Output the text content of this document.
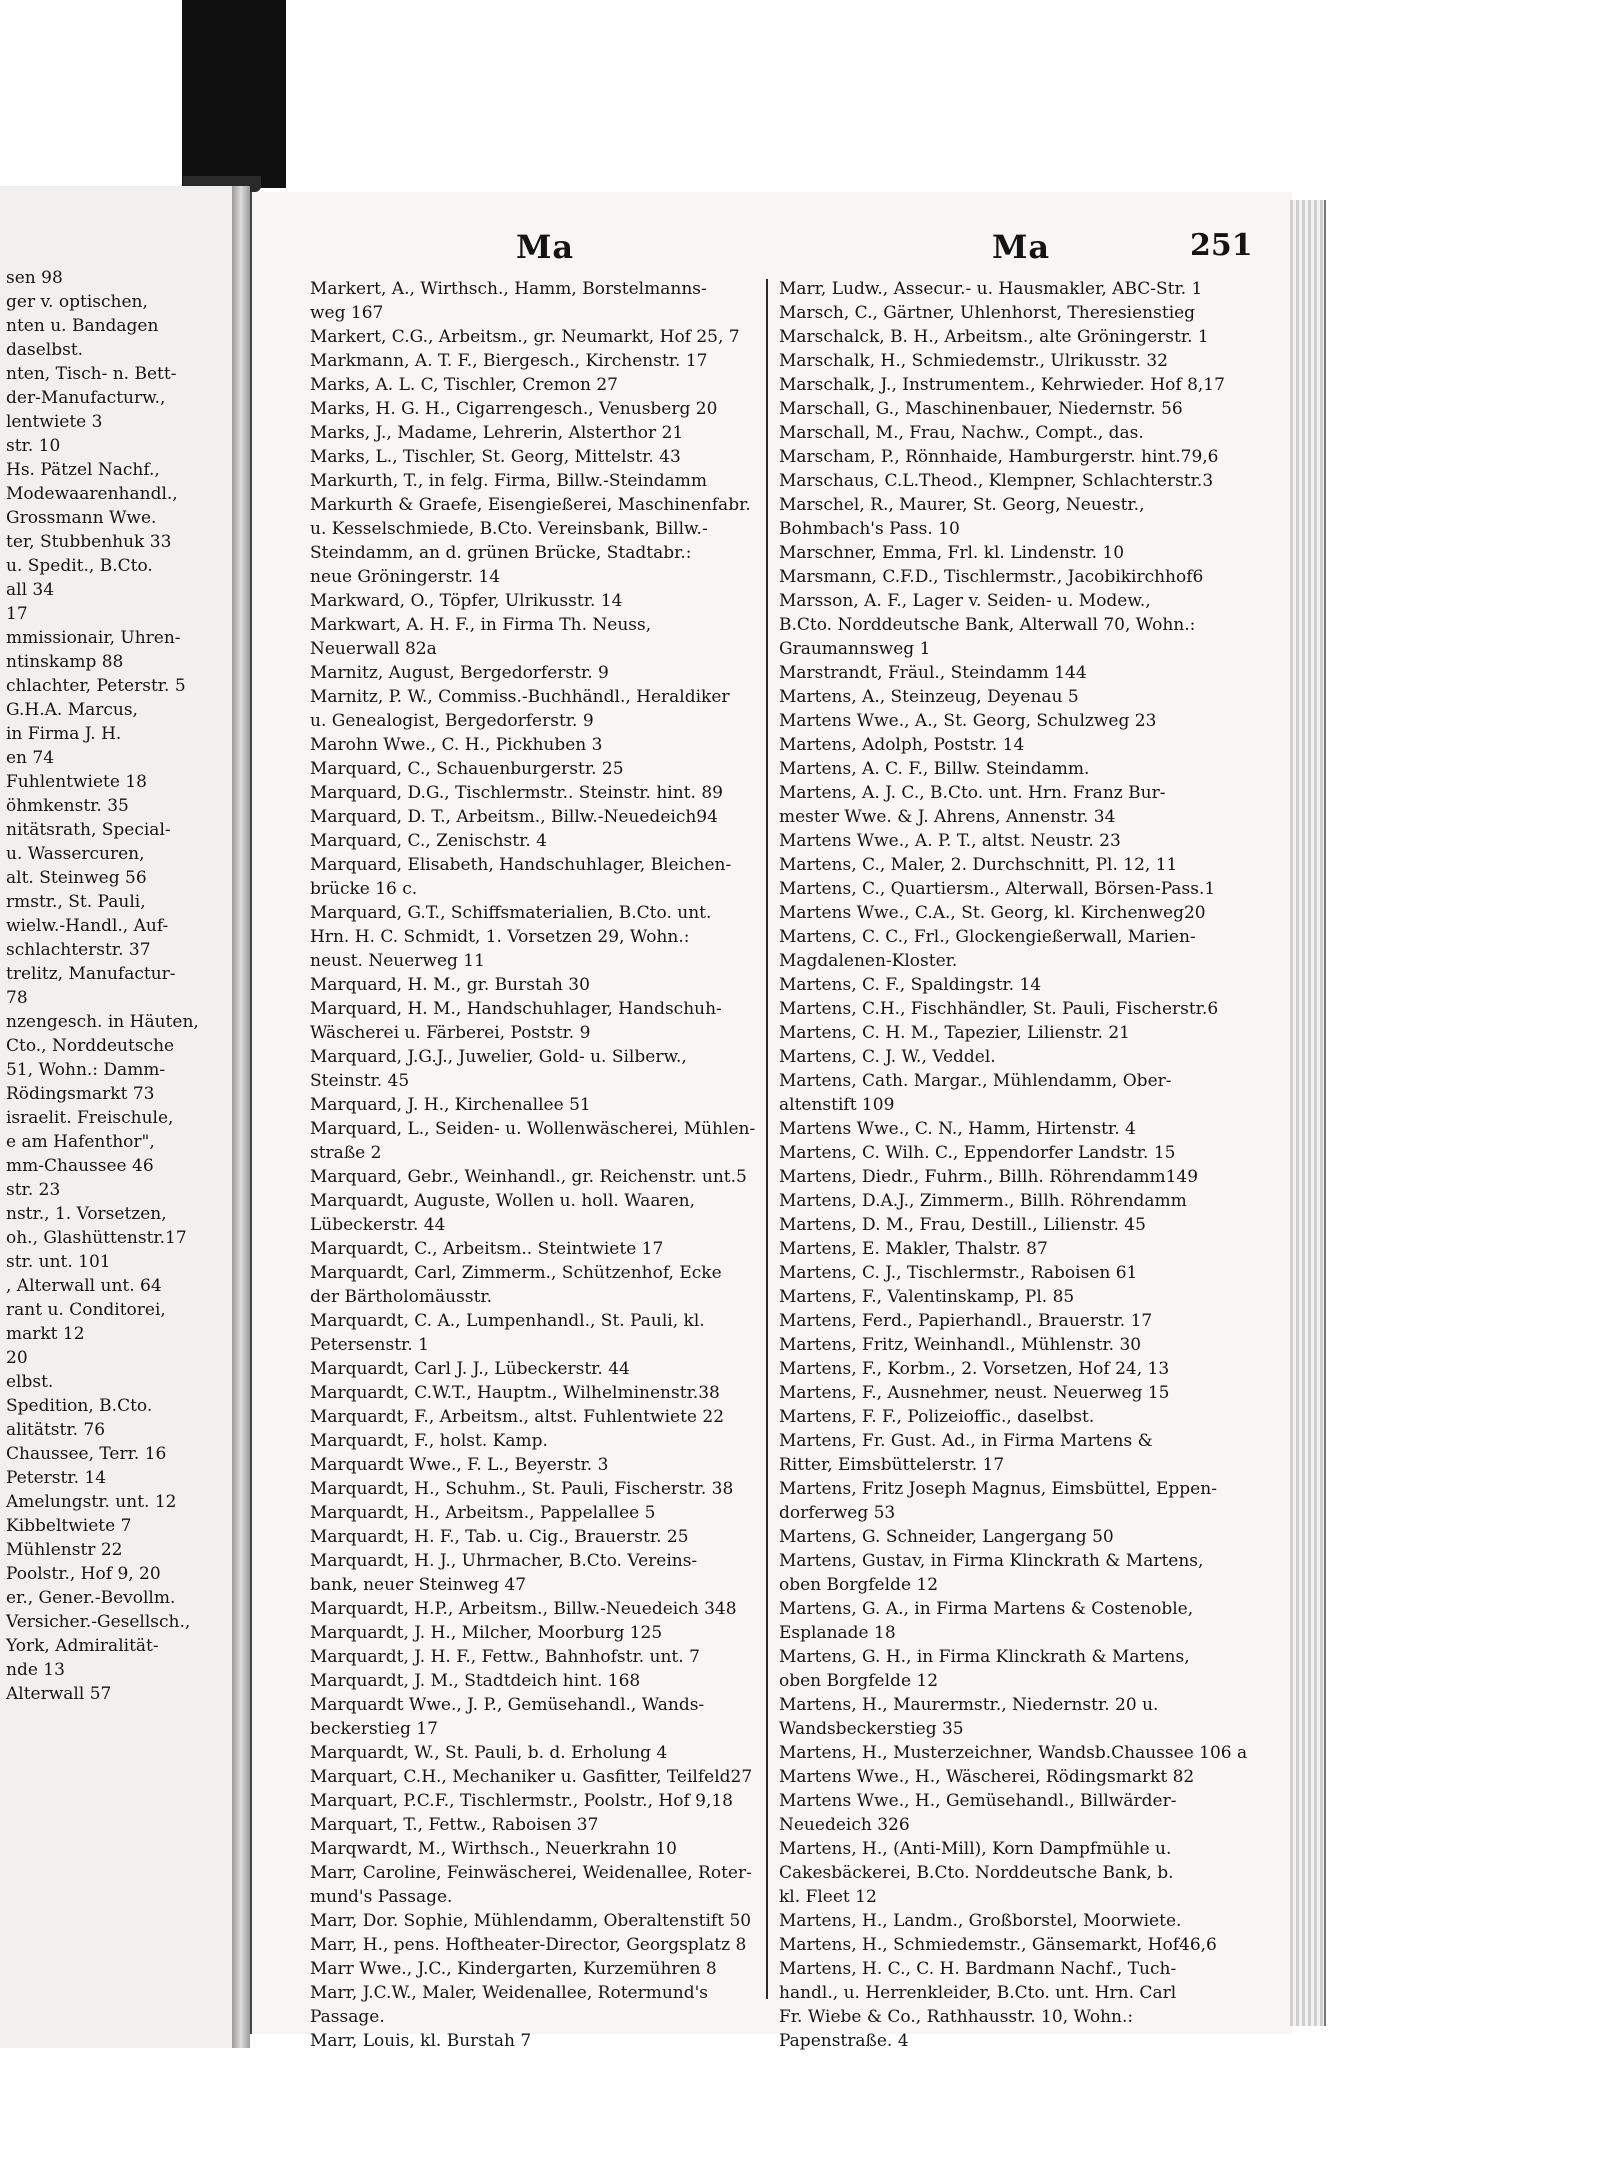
sen 98
ger v. optischen,
nten u. Bandagen
daselbst.
nten, Tisch- n. Bett-
der-Manufacturw.,
lentwiete 3
str. 10
Hs. Pätzel Nachf.,
Modewaarenhandl.,
Grossmann Wwe.
ter, Stubbenhuk 33
u. Spedit., B.Cto.
all 34
17
mmissionair, Uhren-
ntinskamp 88
chlachter, Peterstr. 5
G.H.A. Marcus,
in Firma J. H.
en 74
Fuhlentwiete 18
öhmkenstr. 35
nitätsrath, Special-
u. Wassercuren,
alt. Steinweg 56
rmstr., St. Pauli,
wielw.-Handl., Auf-
schlachterstr. 37
trelitz, Manufactur-
78
nzengesch. in Häuten,
Cto., Norddeutsche
51, Wohn.: Damm-
Rödingsmarkt 73
israelit. Freischule,
e am Hafenthor",
mm-Chaussee 46
str. 23
nstr., 1. Vorsetzen,
oh., Glashüttenstr.17
str. unt. 101
, Alterwall unt. 64
rant u. Conditorei,
markt 12
20
elbst.
Spedition, B.Cto.
alitätstr. 76
Chaussee, Terr. 16
Peterstr. 14
Amelungstr. unt. 12
Kibbeltwiete 7
Mühlenstr 22
Poolstr., Hof 9, 20
er., Gener.-Bevollm.
Versicher.-Gesellsch.,
York, Admiralität-
nde 13
Alterwall 57
Ma	Ma	251
Markert, A., Wirthsch., Hamm, Borstelmanns-
weg 167
Markert, C.G., Arbeitsm., gr. Neumarkt, Hof 25, 7
Markmann, A. T. F., Biergesch., Kirchenstr. 17
Marks, A. L. C, Tischler, Cremon 27
Marks, H. G. H., Cigarrengesch., Venusberg 20
Marks, J., Madame, Lehrerin, Alsterthor 21
Marks, L., Tischler, St. Georg, Mittelstr. 43
Markurth, T., in felg. Firma, Billw.-Steindamm
Markurth & Graefe, Eisengießerei, Maschinenfabr.
u. Kesselschmiede, B.Cto. Vereinsbank, Billw.-
Steindamm, an d. grünen Brücke, Stadtabr.:
neue Gröningerstr. 14
Markward, O., Töpfer, Ulrikusstr. 14
Markwart, A. H. F., in Firma Th. Neuss,
Neuerwall 82a
Marnitz, August, Bergedorferstr. 9
Marnitz, P. W., Commiss.-Buchhändl., Heraldiker
u. Genealogist, Bergedorferstr. 9
Marohn Wwe., C. H., Pickhuben 3
Marquard, C., Schauenburgerstr. 25
Marquard, D.G., Tischlermstr.. Steinstr. hint. 89
Marquard, D. T., Arbeitsm., Billw.-Neuedeich94
Marquard, C., Zenischstr. 4
Marquard, Elisabeth, Handschuhlager, Bleichen-
brücke 16 c.
Marquard, G.T., Schiffsmaterialien, B.Cto. unt.
Hrn. H. C. Schmidt, 1. Vorsetzen 29, Wohn.:
neust. Neuerweg 11
Marquard, H. M., gr. Burstah 30
Marquard, H. M., Handschuhlager, Handschuh-
Wäscherei u. Färberei, Poststr. 9
Marquard, J.G.J., Juwelier, Gold- u. Silberw.,
Steinstr. 45
Marquard, J. H., Kirchenallee 51
Marquard, L., Seiden- u. Wollenwäscherei, Mühlen-
straße 2
Marquard, Gebr., Weinhandl., gr. Reichenstr. unt.5
Marquardt, Auguste, Wollen u. holl. Waaren,
Lübeckerstr. 44
Marquardt, C., Arbeitsm.. Steintwiete 17
Marquardt, Carl, Zimmerm., Schützenhof, Ecke
der Bärtholomäusstr.
Marquardt, C. A., Lumpenhandl., St. Pauli, kl.
Petersenstr. 1
Marquardt, Carl J. J., Lübeckerstr. 44
Marquardt, C.W.T., Hauptm., Wilhelminenstr.38
Marquardt, F., Arbeitsm., altst. Fuhlentwiete 22
Marquardt, F., holst. Kamp.
Marquardt Wwe., F. L., Beyerstr. 3
Marquardt, H., Schuhm., St. Pauli, Fischerstr. 38
Marquardt, H., Arbeitsm., Pappelallee 5
Marquardt, H. F., Tab. u. Cig., Brauerstr. 25
Marquardt, H. J., Uhrmacher, B.Cto. Vereins-
bank, neuer Steinweg 47
Marquardt, H.P., Arbeitsm., Billw.-Neuedeich 348
Marquardt, J. H., Milcher, Moorburg 125
Marquardt, J. H. F., Fettw., Bahnhofstr. unt. 7
Marquardt, J. M., Stadtdeich hint. 168
Marquardt Wwe., J. P., Gemüsehandl., Wands-
beckerstieg 17
Marquardt, W., St. Pauli, b. d. Erholung 4
Marquart, C.H., Mechaniker u. Gasfitter, Teilfeld27
Marquart, P.C.F., Tischlermstr., Poolstr., Hof 9,18
Marquart, T., Fettw., Raboisen 37
Marqwardt, M., Wirthsch., Neuerkrahn 10
Marr, Caroline, Feinwäscherei, Weidenallee, Roter-
mund's Passage.
Marr, Dor. Sophie, Mühlendamm, Oberaltenstift 50
Marr, H., pens. Hoftheater-Director, Georgsplatz 8
Marr Wwe., J.C., Kindergarten, Kurzemühren 8
Marr, J.C.W., Maler, Weidenallee, Rotermund's
Passage.
Marr, Louis, kl. Burstah 7
Marr, Ludw., Assecur.- u. Hausmakler, ABC-Str. 1
Marsch, C., Gärtner, Uhlenhorst, Theresienstieg
Marschalck, B. H., Arbeitsm., alte Gröningerstr. 1
Marschalk, H., Schmiedemstr., Ulrikusstr. 32
Marschalk, J., Instrumentem., Kehrwieder. Hof 8,17
Marschall, G., Maschinenbauer, Niedernstr. 56
Marschall, M., Frau, Nachw., Compt., das.
Marscham, P., Rönnhaide, Hamburgerstr. hint.79,6
Marschaus, C.L.Theod., Klempner, Schlachterstr.3
Marschel, R., Maurer, St. Georg, Neuestr.,
Bohmbach's Pass. 10
Marschner, Emma, Frl. kl. Lindenstr. 10
Marsmann, C.F.D., Tischlermstr., Jacobikirchhof6
Marsson, A. F., Lager v. Seiden- u. Modew.,
B.Cto. Norddeutsche Bank, Alterwall 70, Wohn.:
Graumannsweg 1
Marstrandt, Fräul., Steindamm 144
Martens, A., Steinzeug, Deyenau 5
Martens Wwe., A., St. Georg, Schulzweg 23
Martens, Adolph, Poststr. 14
Martens, A. C. F., Billw. Steindamm.
Martens, A. J. C., B.Cto. unt. Hrn. Franz Bur-
mester Wwe. & J. Ahrens, Annenstr. 34
Martens Wwe., A. P. T., altst. Neustr. 23
Martens, C., Maler, 2. Durchschnitt, Pl. 12, 11
Martens, C., Quartiersm., Alterwall, Börsen-Pass.1
Martens Wwe., C.A., St. Georg, kl. Kirchenweg20
Martens, C. C., Frl., Glockengießerwall, Marien-
Magdalenen-Kloster.
Martens, C. F., Spaldingstr. 14
Martens, C.H., Fischhändler, St. Pauli, Fischerstr.6
Martens, C. H. M., Tapezier, Lilienstr. 21
Martens, C. J. W., Veddel.
Martens, Cath. Margar., Mühlendamm, Ober-
altenstift 109
Martens Wwe., C. N., Hamm, Hirtenstr. 4
Martens, C. Wilh. C., Eppendorfer Landstr. 15
Martens, Diedr., Fuhrm., Billh. Röhrendamm149
Martens, D.A.J., Zimmerm., Billh. Röhrendamm
Martens, D. M., Frau, Destill., Lilienstr. 45
Martens, E. Makler, Thalstr. 87
Martens, C. J., Tischlermstr., Raboisen 61
Martens, F., Valentinskamp, Pl. 85
Martens, Ferd., Papierhandl., Brauerstr. 17
Martens, Fritz, Weinhandl., Mühlenstr. 30
Martens, F., Korbm., 2. Vorsetzen, Hof 24, 13
Martens, F., Ausnehmer, neust. Neuerweg 15
Martens, F. F., Polizeioffic., daselbst.
Martens, Fr. Gust. Ad., in Firma Martens &
Ritter, Eimsbüttelerstr. 17
Martens, Fritz Joseph Magnus, Eimsbüttel, Eppen-
dorferweg 53
Martens, G. Schneider, Langergang 50
Martens, Gustav, in Firma Klinckrath & Martens,
oben Borgfelde 12
Martens, G. A., in Firma Martens & Costenoble,
Esplanade 18
Martens, G. H., in Firma Klinckrath & Martens,
oben Borgfelde 12
Martens, H., Maurermstr., Niedernstr. 20 u.
Wandsbeckerstieg 35
Martens, H., Musterzeichner, Wandsb.Chaussee 106 a
Martens Wwe., H., Wäscherei, Rödingsmarkt 82
Martens Wwe., H., Gemüsehandl., Billwärder-
Neuedeich 326
Martens, H., (Anti-Mill), Korn Dampfmühle u.
Cakesbäckerei, B.Cto. Norddeutsche Bank, b.
kl. Fleet 12
Martens, H., Landm., Großborstel, Moorwiete.
Martens, H., Schmiedemstr., Gänsemarkt, Hof46,6
Martens, H. C., C. H. Bardmann Nachf., Tuch-
handl., u. Herrenkleider, B.Cto. unt. Hrn. Carl
Fr. Wiebe & Co., Rathhausstr. 10, Wohn.:
Papenstraße. 4
